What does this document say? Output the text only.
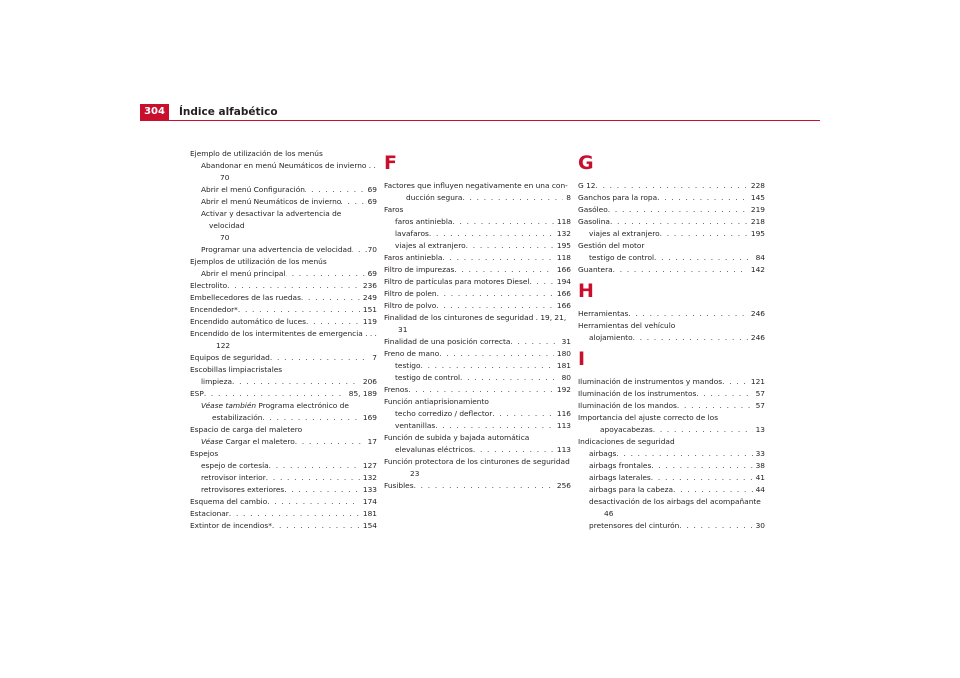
304	Índice alfabético
Ejemplo de utilización de los menús
Abandonar en menú Neumáticos de invierno . .
70
Abrir el menú Configuración . . .	69
Abrir el menú Neumáticos de invierno . . .	69
Activar y desactivar la advertencia de velocidad
70
Programar una advertencia de velocidad . . . 70
Ejemplos de utilización de los menús
Abrir el menú principal . . .	69
Electrolito . . .	236
Embellecedores de las ruedas . . .	249
Encendedor* . . .	151
Encendido automático de luces . . .	119
Encendido de los intermitentes de emergencia . . .
122
Equipos de seguridad . . .	7
Escobillas limpiacristales
limpieza . . .	206
ESP . . .	85, 189
Véase también Programa electrónico de
estabilización . . .	169
Espacio de carga del maletero
Véase Cargar el maletero . . .	17
Espejos
espejo de cortesía . . .	127
retrovisor interior . . .	132
retrovisores exteriores . . .	133
Esquema del cambio . . .	174
Estacionar . . .	181
Extintor de incendios* . . .	154
F
Factores que influyen negativamente en una con-
ducción segura . . .	8
Faros
faros antiniebla . . .	118
lavafaros . . .	132
viajes al extranjero . . .	195
Faros antiniebla . . .	118
Filtro de impurezas . . .	166
Filtro de partículas para motores Diesel . . .	194
Filtro de polen . . .	166
Filtro de polvo . . .	166
Finalidad de los cinturones de seguridad . 19, 21,
31
Finalidad de una posición correcta . . .	31
Freno de mano . . .	180
testigo . . .	181
testigo de control . . .	80
Frenos . . .	192
Función antiaprisionamiento
techo corredizo / deflector . . .	116
ventanillas . . .	113
Función de subida y bajada automática
elevalunas eléctricos . . .	113
Función protectora de los cinturones de seguridad
23
Fusibles . . .	256
G
G 12 . . .	228
Ganchos para la ropa . . .	145
Gasóleo . . .	219
Gasolina . . .	218
viajes al extranjero . . .	195
Gestión del motor
testigo de control . . .	84
Guantera . . .	142
H
Herramientas . . .	246
Herramientas del vehículo
alojamiento . . .	246
I
Iluminación de instrumentos y mandos . . .	121
Iluminación de los instrumentos . . .	57
Iluminación de los mandos . . .	57
Importancia del ajuste correcto de los
apoyacabezas . . .	13
Indicaciones de seguridad
airbags . . .	33
airbags frontales . . .	38
airbags laterales . . .	41
airbags para la cabeza . . .	44
desactivación de los airbags del acompañante
46
pretensores del cinturón . . .	30
